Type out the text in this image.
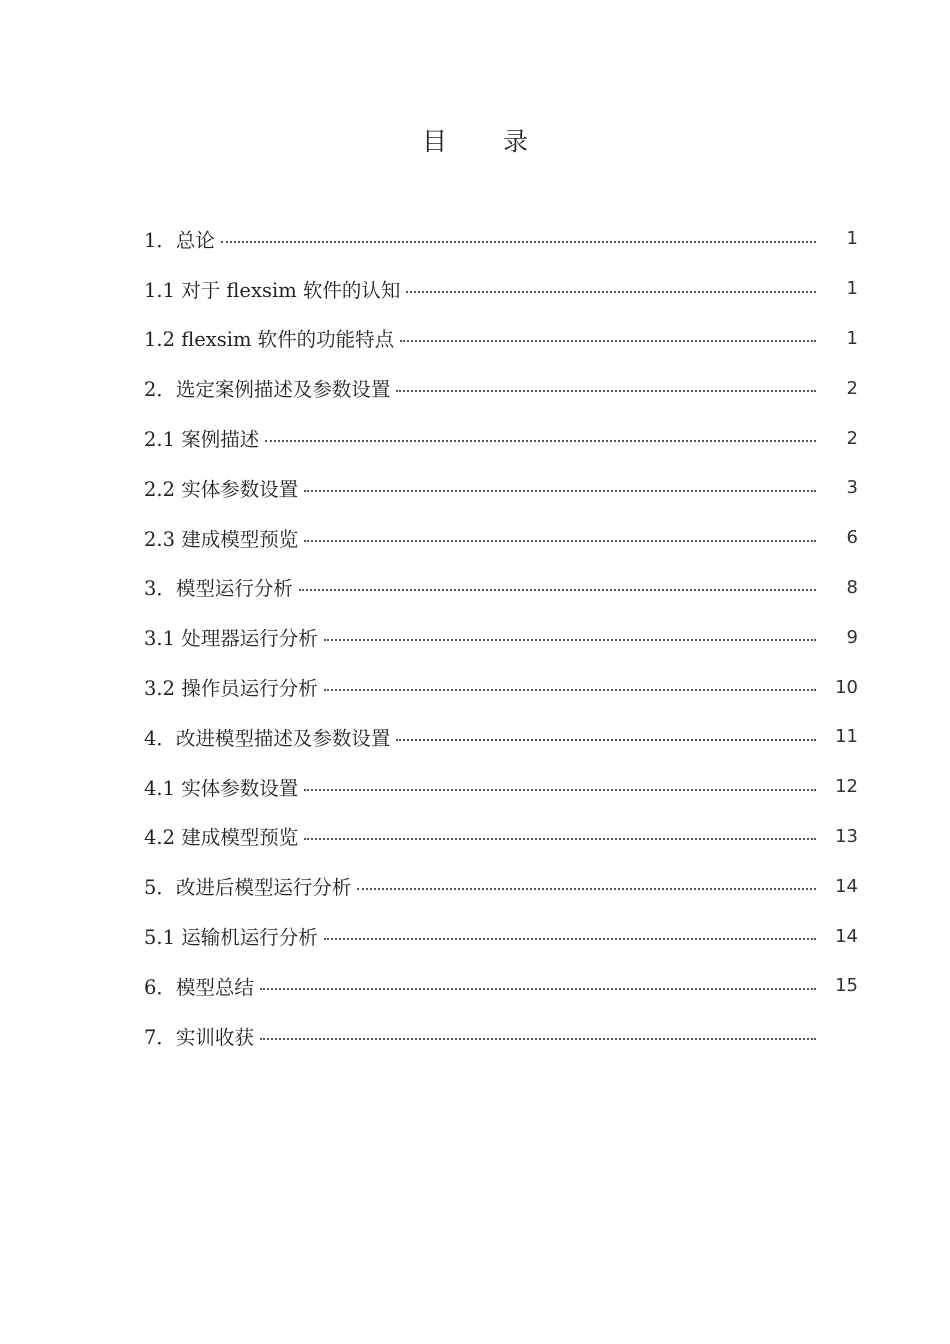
目 录
1．总论	1
1.1 对于 flexsim 软件的认知	1
1.2 flexsim 软件的功能特点	1
2．选定案例描述及参数设置	2
2.1 案例描述	2
2.2 实体参数设置	3
2.3 建成模型预览	6
3．模型运行分析	8
3.1 处理器运行分析	9
3.2 操作员运行分析	10
4．改进模型描述及参数设置	11
4.1 实体参数设置	12
4.2 建成模型预览	13
5．改进后模型运行分析	14
5.1 运输机运行分析	14
6．模型总结	15
7．实训收获
